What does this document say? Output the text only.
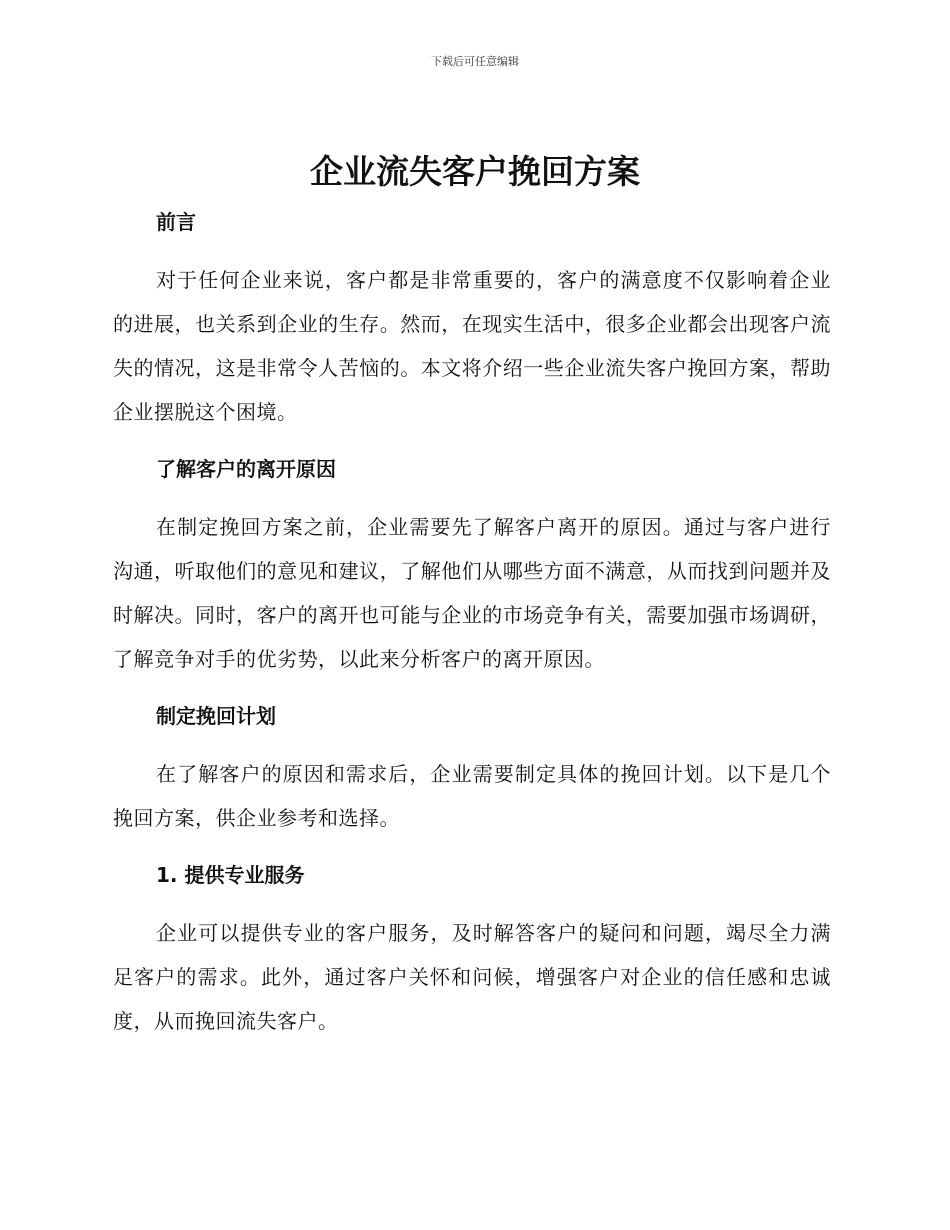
下载后可任意编辑
企业流失客户挽回方案
前言

对于任何企业来说，客户都是非常重要的，客户的满意度不仅影响着企业的进展，也关系到企业的生存。然而，在现实生活中，很多企业都会出现客户流失的情况，这是非常令人苦恼的。本文将介绍一些企业流失客户挽回方案，帮助企业摆脱这个困境。

了解客户的离开原因

在制定挽回方案之前，企业需要先了解客户离开的原因。通过与客户进行沟通，听取他们的意见和建议，了解他们从哪些方面不满意，从而找到问题并及时解决。同时，客户的离开也可能与企业的市场竞争有关，需要加强市场调研，了解竞争对手的优劣势，以此来分析客户的离开原因。

制定挽回计划

在了解客户的原因和需求后，企业需要制定具体的挽回计划。以下是几个挽回方案，供企业参考和选择。

1. 提供专业服务

企业可以提供专业的客户服务，及时解答客户的疑问和问题，竭尽全力满足客户的需求。此外，通过客户关怀和问候，增强客户对企业的信任感和忠诚度，从而挽回流失客户。
